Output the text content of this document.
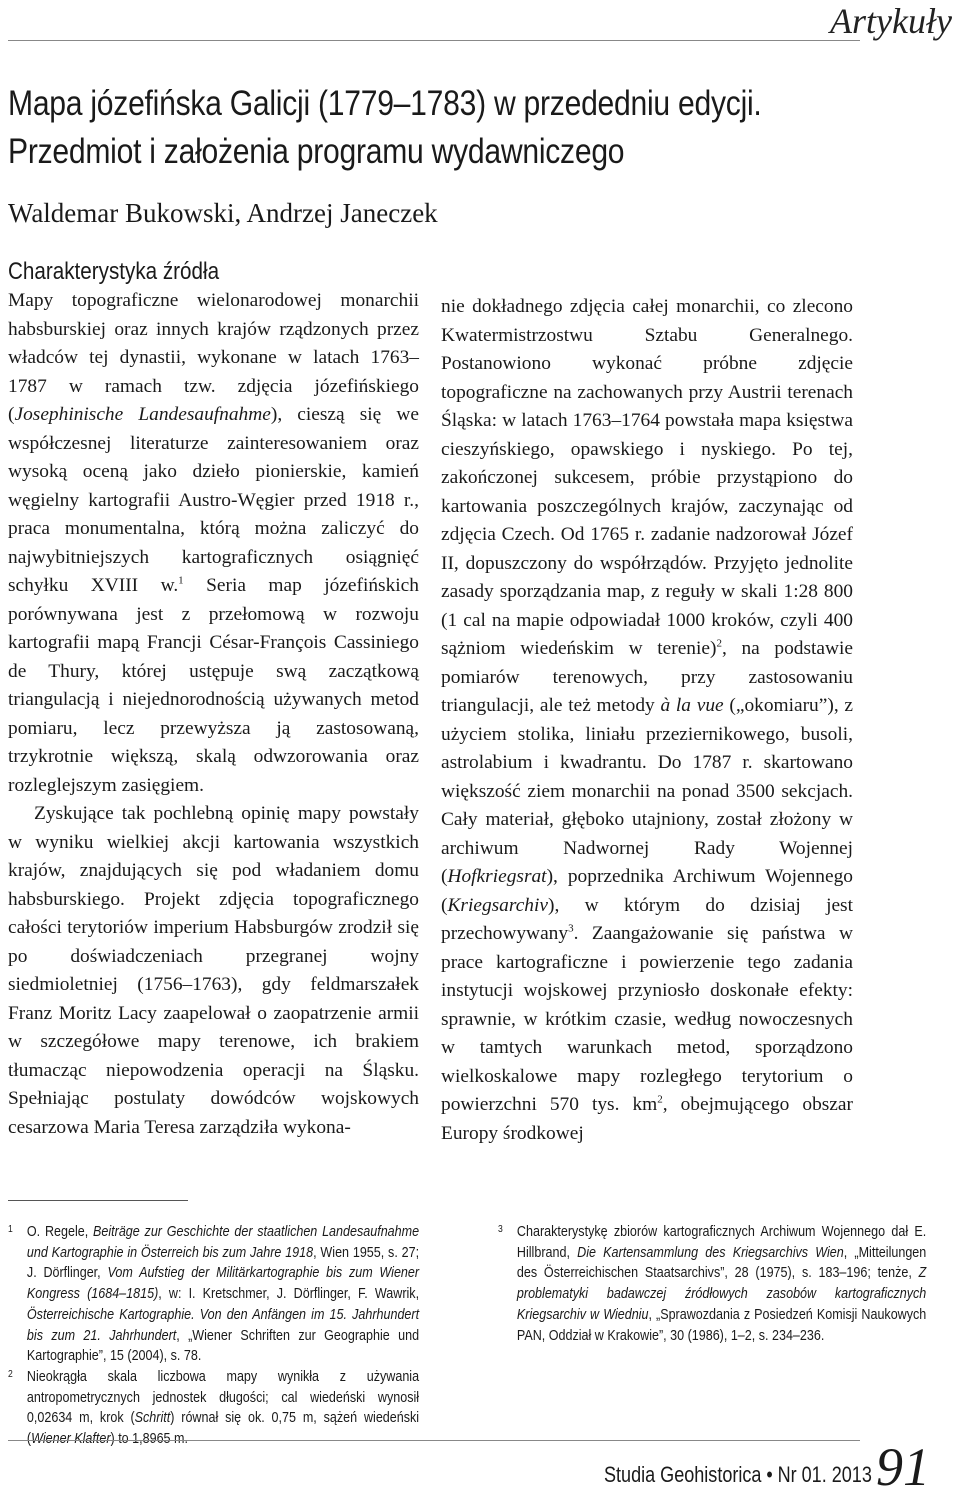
Artykuły
Mapa józefińska Galicji (1779–1783) w przededniu edycji.
Przedmiot i założenia programu wydawniczego
Waldemar Bukowski, Andrzej Janeczek
Charakterystyka źródła

Mapy topograficzne wielonarodowej monarchii habsburskiej oraz innych krajów rządzonych przez władców tej dynastii, wykonane w latach 1763–1787 w ramach tzw. zdjęcia józefińskiego (Josephinische Landesaufnahme), cieszą się we współczesnej literaturze zainteresowaniem oraz wysoką oceną jako dzieło pionierskie, kamień węgielny kartografii Austro-Węgier przed 1918 r., praca monumentalna, którą można zaliczyć do najwybitniejszych kartograficznych osiągnięć schyłku XVIII w.$^1$ Seria map józefińskich porównywana jest z przełomową w rozwoju kartografii mapą Francji César-François Cassiniego de Thury, której ustępuje swą zaczątkową triangulacją i niejednorodnością używanych metod pomiaru, lecz przewyższa ją zastosowaną, trzykrotnie większą, skalą odwzorowania oraz rozleglejszym zasięgiem.

Zyskujące tak pochlebną opinię mapy powstały w wyniku wielkiej akcji kartowania wszystkich krajów, znajdujących się pod władaniem domu habsburskiego. Projekt zdjęcia topograficznego całości terytoriów imperium Habsburgów zrodził się po doświadczeniach przegranej wojny siedmioletniej (1756–1763), gdy feldmarszałek Franz Moritz Lacy zaapelował o zaopatrzenie armii w szczegółowe mapy terenowe, ich brakiem tłumacząc niepowodzenia operacji na Śląsku. Spełniając postulaty dowódców wojskowych cesarzowa Maria Teresa zarządziła wykona-

nie dokładnego zdjęcia całej monarchii, co zlecono Kwatermistrzostwu Sztabu Generalnego. Postanowiono wykonać próbne zdjęcie topograficzne na zachowanych przy Austrii terenach Śląska: w latach 1763–1764 powstała mapa księstwa cieszyńskiego, opawskiego i nyskiego. Po tej, zakończonej sukcesem, próbie przystąpiono do kartowania poszczególnych krajów, zaczynając od zdjęcia Czech. Od 1765 r. zadanie nadzorował Józef II, dopuszczony do współrządów. Przyjęto jednolite zasady sporządzania map, z reguły w skali 1:28 800 (1 cal na mapie odpowiadał 1000 kroków, czyli 400 sążniom wiedeńskim w terenie)$^2$, na podstawie pomiarów terenowych, przy zastosowaniu triangulacji, ale też metody à la vue („okomiaru”), z użyciem stolika, liniału przeziernikowego, busoli, astrolabium i kwadrantu. Do 1787 r. skartowano większość ziem monarchii na ponad 3500 sekcjach. Cały materiał, głęboko utajniony, został złożony w archiwum Nadwornej Rady Wojennej (Hofkriegsrat), poprzednika Archiwum Wojennego (Kriegsarchiv), w którym do dzisiaj jest przechowywany$^3$. Zaangażowanie się państwa w prace kartograficzne i powierzenie tego zadania instytucji wojskowej przyniosło doskonałe efekty: sprawnie, w krótkim czasie, według nowoczesnych w tamtych warunkach metod, sporządzono wielkoskalowe mapy rozległego terytorium o powierzchni 570 tys. $km^2$, obejmującego obszar Europy środkowej

1 O. Regele, Beiträge zur Geschichte der staatlichen Landesaufnahme und Kartographie in Österreich bis zum Jahre 1918, Wien 1955, s. 27; J. Dörflinger, Vom Aufstieg der Militärkartographie bis zum Wiener Kongress (1684–1815), w: I. Kretschmer, J. Dörflinger, F. Wawrik, Österreichische Kartographie. Von den Anfängen im 15. Jahrhundert bis zum 21. Jahrhundert, „Wiener Schriften zur Geographie und Kartographie”, 15 (2004), s. 78.

2 Nieokrągła skala liczbowa mapy wynikła z używania antropometrycznych jednostek długości; cal wiedeński wynosił 0,02634 m, krok (Schritt) równał się ok. 0,75 m, sążeń wiedeński (Wiener Klafter) to 1,8965 m.

3 Charakterystykę zbiorów kartograficznych Archiwum Wojennego dał E. Hillbrand, Die Kartensammlung des Kriegsarchivs Wien, „Mitteilungen des Österreichischen Staatsarchivs”, 28 (1975), s. 183–196; tenże, Z problematyki badawczej źródłowych zasobów kartograficznych Kriegsarchiv w Wiedniu, „Sprawozdania z Posiedzeń Komisji Naukowych PAN, Oddział w Krakowie”, 30 (1986), 1–2, s. 234–236.

Studia Geohistorica • Nr 01. 2013 91
